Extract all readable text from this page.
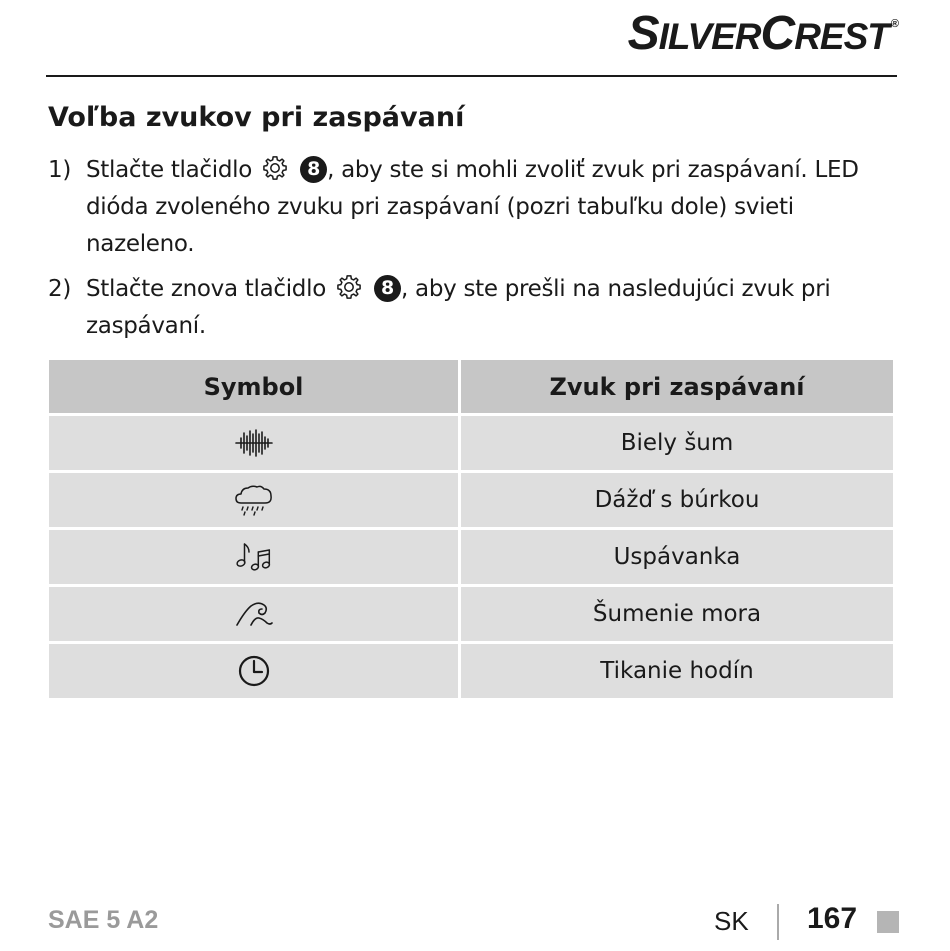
SILVERCREST ®
Voľba zvukov pri zaspávaní
1) Stlačte tlačidlo	8 , aby ste si mohli zvoliť zvuk pri zaspávaní. LED dióda zvoleného zvuku pri zaspávaní (pozri tabuľku dole) svieti nazeleno.
2) Stlačte znova tlačidlo	8 , aby ste prešli na nasledujúci zvuk pri zaspávaní.
Symbol	Zvuk pri zaspávaní
	Biely šum
	Dážď s búrkou
	Uspávanka
	Šumenie mora
	Tikanie hodín
SAE 5 A2	SK 167
